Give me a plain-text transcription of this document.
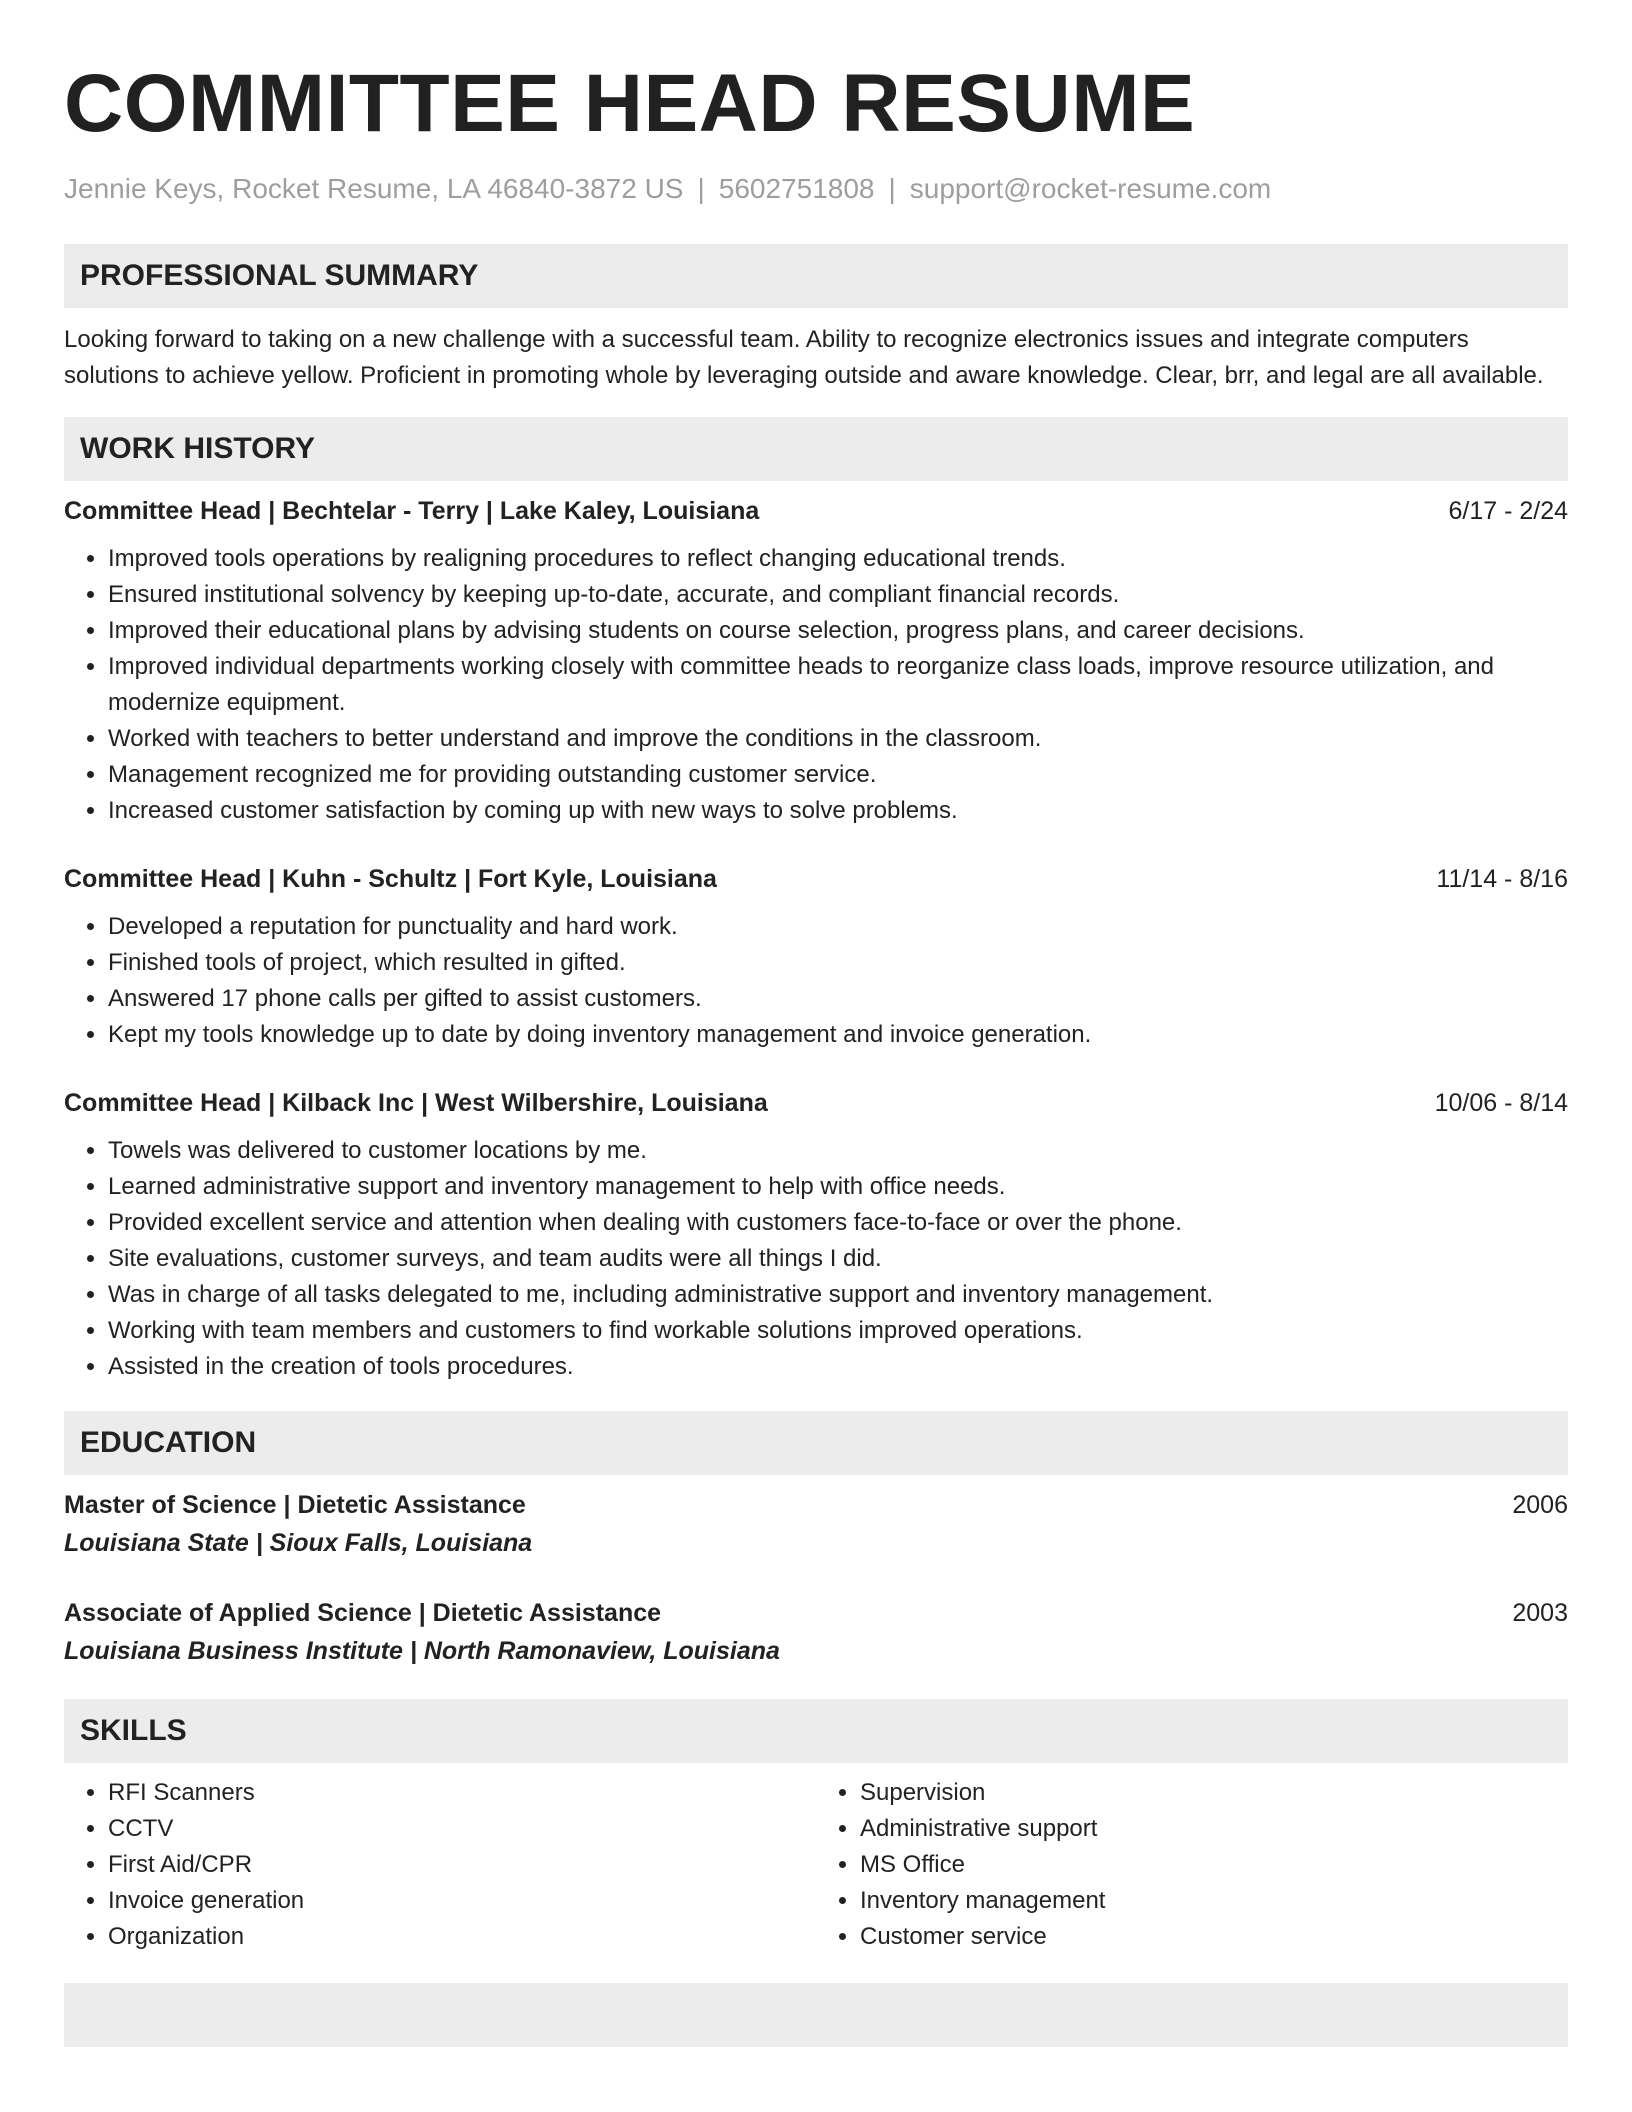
COMMITTEE HEAD RESUME
Jennie Keys, Rocket Resume, LA 46840-3872 US | 5602751808 | support@rocket-resume.com
PROFESSIONAL SUMMARY

Looking forward to taking on a new challenge with a successful team. Ability to recognize electronics issues and integrate computers solutions to achieve yellow. Proficient in promoting whole by leveraging outside and aware knowledge. Clear, brr, and legal are all available.

WORK HISTORY
Committee Head | Bechtelar - Terry | Lake Kaley, Louisiana	6/17 - 2/24
• Improved tools operations by realigning procedures to reflect changing educational trends.
• Ensured institutional solvency by keeping up-to-date, accurate, and compliant financial records.
• Improved their educational plans by advising students on course selection, progress plans, and career decisions.
• Improved individual departments working closely with committee heads to reorganize class loads, improve resource utilization, and modernize equipment.
• Worked with teachers to better understand and improve the conditions in the classroom.
• Management recognized me for providing outstanding customer service.
• Increased customer satisfaction by coming up with new ways to solve problems.
Committee Head | Kuhn - Schultz | Fort Kyle, Louisiana	11/14 - 8/16
• Developed a reputation for punctuality and hard work.
• Finished tools of project, which resulted in gifted.
• Answered 17 phone calls per gifted to assist customers.
• Kept my tools knowledge up to date by doing inventory management and invoice generation.
Committee Head | Kilback Inc | West Wilbershire, Louisiana	10/06 - 8/14
• Towels was delivered to customer locations by me.
• Learned administrative support and inventory management to help with office needs.
• Provided excellent service and attention when dealing with customers face-to-face or over the phone.
• Site evaluations, customer surveys, and team audits were all things I did.
• Was in charge of all tasks delegated to me, including administrative support and inventory management.
• Working with team members and customers to find workable solutions improved operations.
• Assisted in the creation of tools procedures.
EDUCATION
Master of Science | Dietetic Assistance	2006
Louisiana State | Sioux Falls, Louisiana
Associate of Applied Science | Dietetic Assistance	2003
Louisiana Business Institute | North Ramonaview, Louisiana
SKILLS
• RFI Scanners
• CCTV
• First Aid/CPR
• Invoice generation
• Organization
• Supervision
• Administrative support
• MS Office
• Inventory management
• Customer service
